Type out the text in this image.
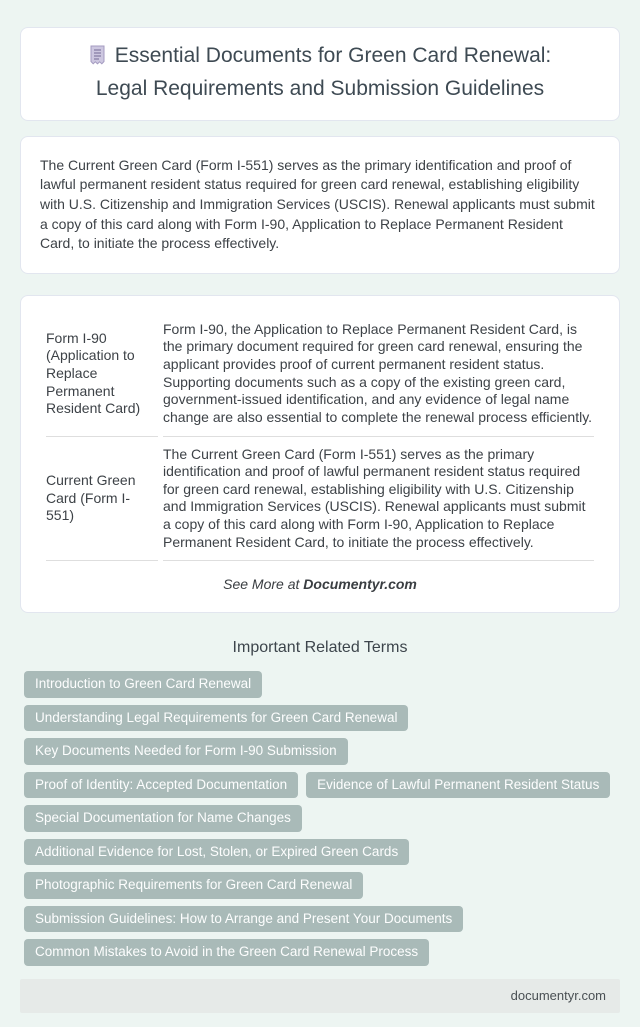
Essential Documents for Green Card Renewal:
Legal Requirements and Submission Guidelines

The Current Green Card (Form I-551) serves as the primary identification and proof of lawful permanent resident status required for green card renewal, establishing eligibility with U.S. Citizenship and Immigration Services (USCIS). Renewal applicants must submit a copy of this card along with Form I-90, Application to Replace Permanent Resident Card, to initiate the process effectively.

Form I-90 (Application to Replace Permanent Resident Card)	Form I-90, the Application to Replace Permanent Resident Card, is the primary document required for green card renewal, ensuring the applicant provides proof of current permanent resident status. Supporting documents such as a copy of the existing green card, government-issued identification, and any evidence of legal name change are also essential to complete the renewal process efficiently.
Current Green Card (Form I-551)	The Current Green Card (Form I-551) serves as the primary identification and proof of lawful permanent resident status required for green card renewal, establishing eligibility with U.S. Citizenship and Immigration Services (USCIS). Renewal applicants must submit a copy of this card along with Form I-90, Application to Replace Permanent Resident Card, to initiate the process effectively.

See More at Documentyr.com

Important Related Terms
Introduction to Green Card Renewal
Understanding Legal Requirements for Green Card Renewal
Key Documents Needed for Form I-90 Submission
Proof of Identity: Accepted Documentation	Evidence of Lawful Permanent Resident Status
Special Documentation for Name Changes
Additional Evidence for Lost, Stolen, or Expired Green Cards
Photographic Requirements for Green Card Renewal
Submission Guidelines: How to Arrange and Present Your Documents
Common Mistakes to Avoid in the Green Card Renewal Process
documentyr.com
